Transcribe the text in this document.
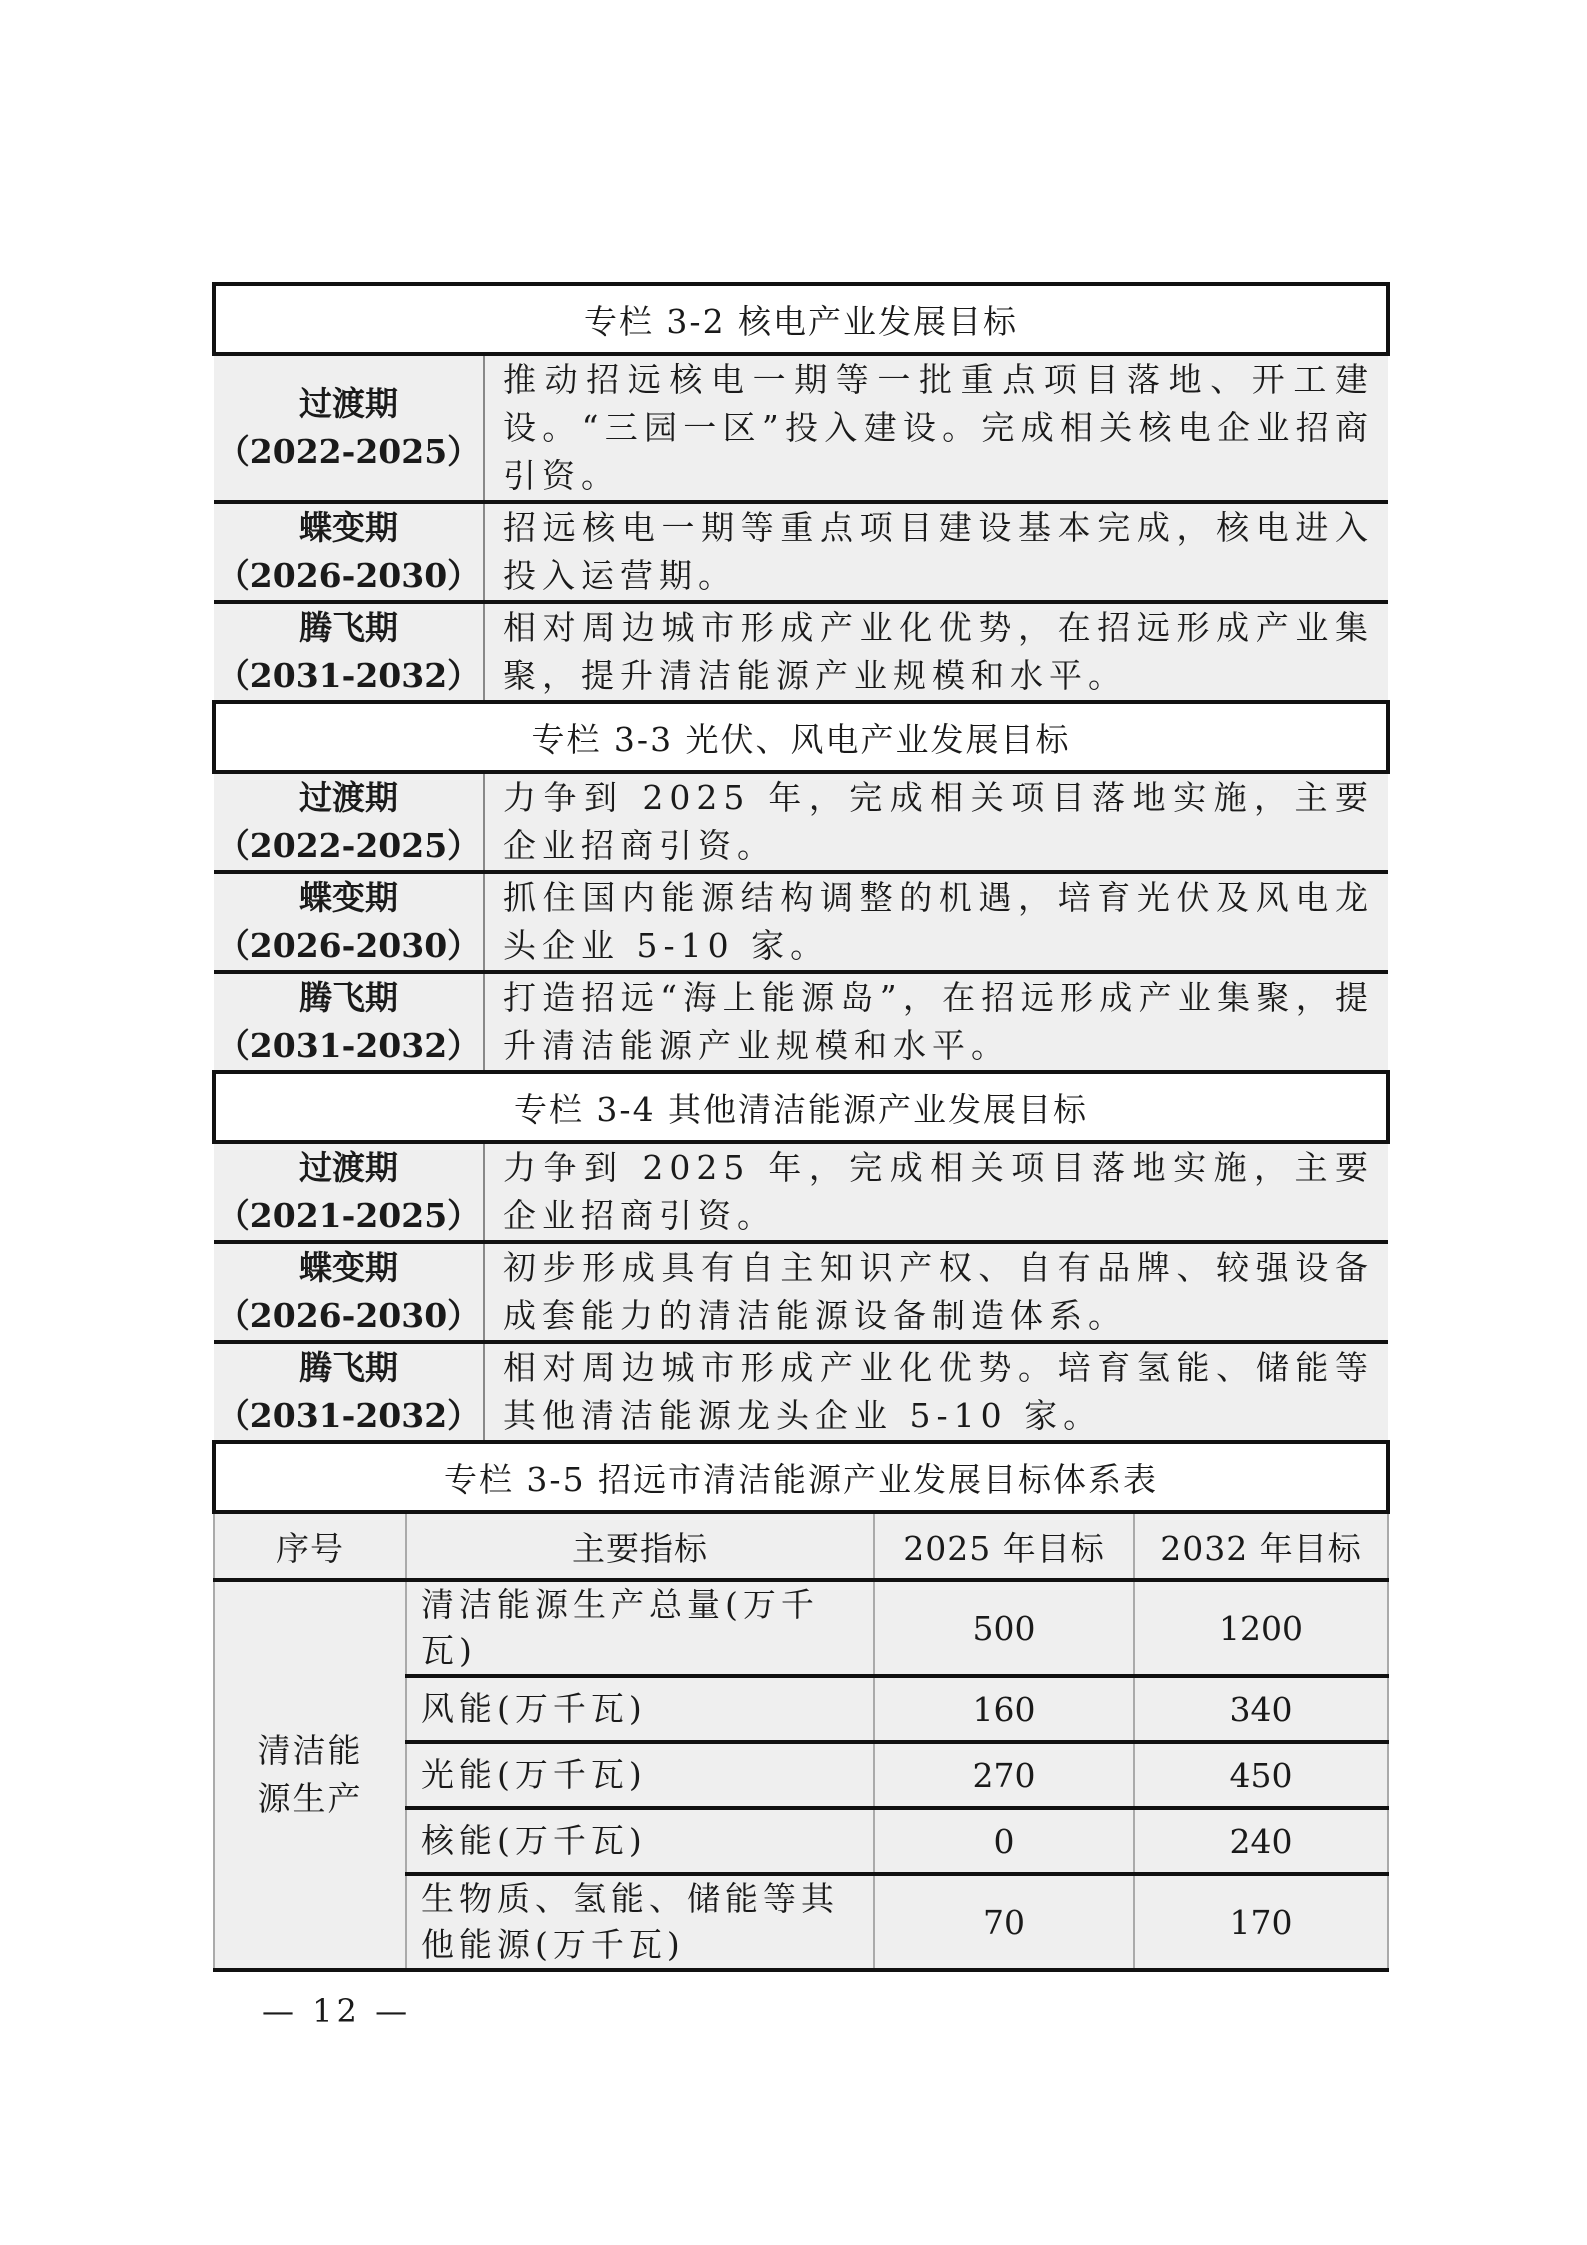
专栏 3-2 核电产业发展目标	

过渡期
（2022-2025）	推动招远核电一期等一批重点项目落地、开工建设。“三园一区”投入建设。完成相关核电企业招商引资。

蝶变期
（2026-2030）	招远核电一期等重点项目建设基本完成，核电进入投入运营期。

腾飞期
（2031-2032）	相对周边城市形成产业化优势，在招远形成产业集聚，提升清洁能源产业规模和水平。
专栏 3-3 光伏、风电产业发展目标	

过渡期
（2022-2025）	力争到 2025 年，完成相关项目落地实施，主要企业招商引资。

蝶变期
（2026-2030）	抓住国内能源结构调整的机遇，培育光伏及风电龙头企业 5-10 家。

腾飞期
（2031-2032）	打造招远“海上能源岛”，在招远形成产业集聚，提升清洁能源产业规模和水平。
专栏 3-4 其他清洁能源产业发展目标	

过渡期
（2021-2025）	力争到 2025 年，完成相关项目落地实施，主要企业招商引资。

蝶变期
（2026-2030）	初步形成具有自主知识产权、自有品牌、较强设备成套能力的清洁能源设备制造体系。

腾飞期
（2031-2032）	相对周边城市形成产业化优势。培育氢能、储能等其他清洁能源龙头企业 5-10 家。
专栏 3-5 招远市清洁能源产业发展目标体系表			
序号	主要指标	2025 年目标	2032 年目标

清洁能源生产	清洁能源生产总量(万千瓦)	500	1200
	风能(万千瓦)	160	340
	光能(万千瓦)	270	450
	核能(万千瓦)	0	240
	生物质、氢能、储能等其他能源(万千瓦)	70	170
— 12 —
